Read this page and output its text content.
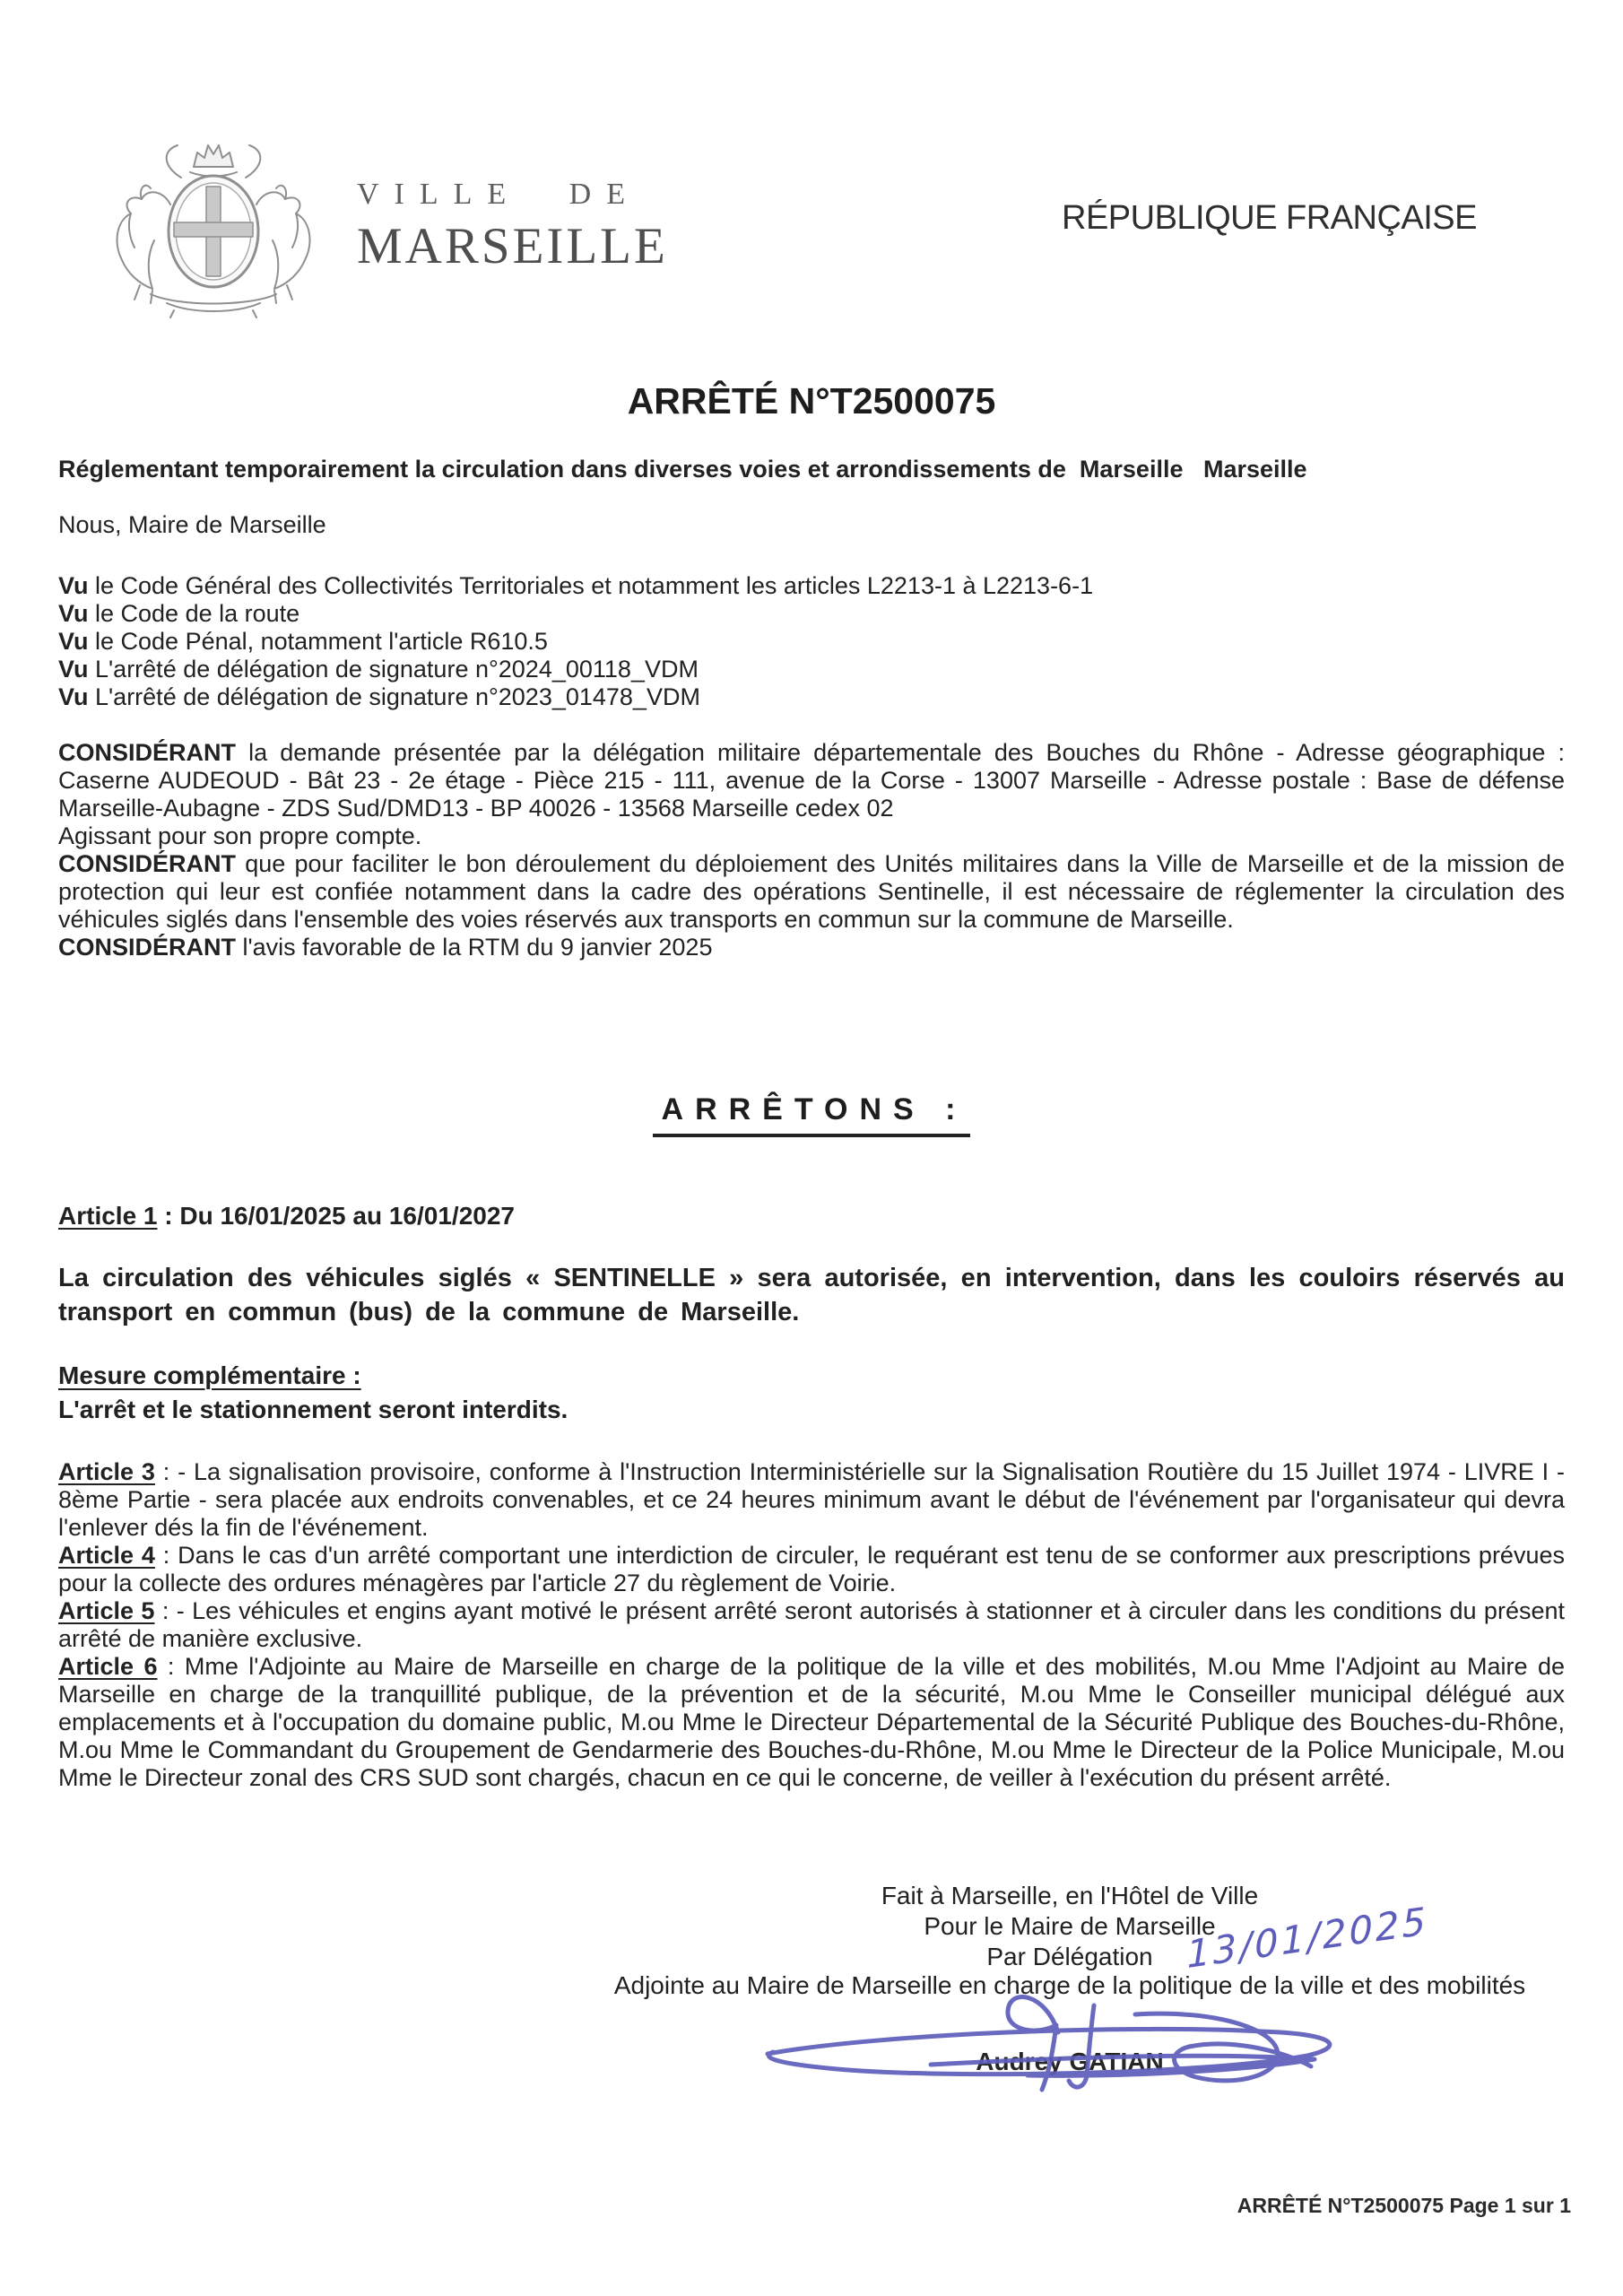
VILLE DE
MARSEILLE	RÉPUBLIQUE FRANÇAISE
ARRÊTÉ N°T2500075
Réglementant temporairement la circulation dans diverses voies et arrondissements de  Marseille   Marseille
Nous, Maire de Marseille

Vu le Code Général des Collectivités Territoriales et notamment les articles L2213-1 à L2213-6-1

Vu le Code de la route

Vu le Code Pénal, notamment l'article R610.5

Vu L'arrêté de délégation de signature n°2024_00118_VDM

Vu L'arrêté de délégation de signature n°2023_01478_VDM

CONSIDÉRANT la demande présentée par la délégation militaire départementale des Bouches du Rhône - Adresse géographique : Caserne AUDEOUD - Bât 23 - 2e étage - Pièce 215 - 111, avenue de la Corse - 13007 Marseille - Adresse postale : Base de défense Marseille-Aubagne - ZDS Sud/DMD13 - BP 40026 - 13568 Marseille cedex 02

Agissant pour son propre compte.

CONSIDÉRANT que pour faciliter le bon déroulement du déploiement des Unités militaires dans la Ville de Marseille et de la mission de protection qui leur est confiée notamment dans la cadre des opérations Sentinelle, il est nécessaire de réglementer la circulation des véhicules siglés dans l'ensemble des voies réservés aux transports en commun sur la commune de Marseille.

CONSIDÉRANT l'avis favorable de la RTM du 9 janvier 2025

ARRÊTONS :
Article 1 : Du 16/01/2025 au 16/01/2027
La circulation des véhicules siglés « SENTINELLE » sera autorisée, en intervention, dans les couloirs réservés au transport en commun (bus) de la commune de Marseille.
Mesure complémentaire :
L'arrêt et le stationnement seront interdits.

Article 3 : - La signalisation provisoire, conforme à l'Instruction Interministérielle sur la Signalisation Routière du 15 Juillet 1974 - LIVRE I - 8ème Partie - sera placée aux endroits convenables, et ce 24 heures minimum avant le début de l'événement par l'organisateur qui devra l'enlever dés la fin de l'événement.

Article 4 : Dans le cas d'un arrêté comportant une interdiction de circuler, le requérant est tenu de se conformer aux prescriptions prévues pour la collecte des ordures ménagères par l'article 27 du règlement de Voirie.

Article 5 : - Les véhicules et engins ayant motivé le présent arrêté seront autorisés à stationner et à circuler dans les conditions du présent arrêté de manière exclusive.

Article 6 : Mme l'Adjointe au Maire de Marseille en charge de la politique de la ville et des mobilités, M.ou Mme l'Adjoint au Maire de Marseille en charge de la tranquillité publique, de la prévention et de la sécurité, M.ou Mme le Conseiller municipal délégué aux emplacements et à l'occupation du domaine public, M.ou Mme le Directeur Départemental de la Sécurité Publique des Bouches-du-Rhône, M.ou Mme le Commandant du Groupement de Gendarmerie des Bouches-du-Rhône, M.ou Mme le Directeur de la Police Municipale, M.ou Mme le Directeur zonal des CRS SUD sont chargés, chacun en ce qui le concerne, de veiller à l'exécution du présent arrêté.

Fait à Marseille, en l'Hôtel de Ville
Pour le Maire de Marseille
Par Délégation 13/01/2025
Adjointe au Maire de Marseille en charge de la politique de la ville et des mobilités
Audrey GATIAN
ARRÊTÉ N°T2500075 Page 1 sur 1
